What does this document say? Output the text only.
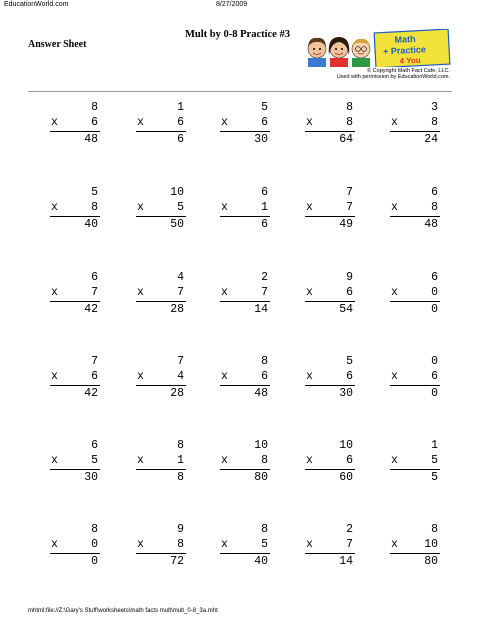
EducationWorld.com	8/27/2009
Mult by 0-8 Practice #3
Answer Sheet	Math
+ Practice
4 You
© Copyright Math Fact Cafe, LLC.
Used with permission by EducationWorld.com.
8
x	6
48
1
x	6
6
5
x	6
30
8
x	8
64
3
x	8
24
5
x	8
40
10
x	5
50
6
x	1
6
7
x	7
49
6
x	8
48
6
x	7
42
4
x	7
28
2
x	7
14
9
x	6
54
6
x	0
0
7
x	6
42
7
x	4
28
8
x	6
48
5
x	6
30
0
x	6
0
6
x	5
30
8
x	1
8
10
x	8
80
10
x	6
60
1
x	5
5
8
x	0
0
9
x	8
72
8
x	5
40
2
x	7
14
8
x 10
80
mhtml:file://Z:\Gary's Stuff\worksheets\math facts mult\mult_0-8_3a.mht
